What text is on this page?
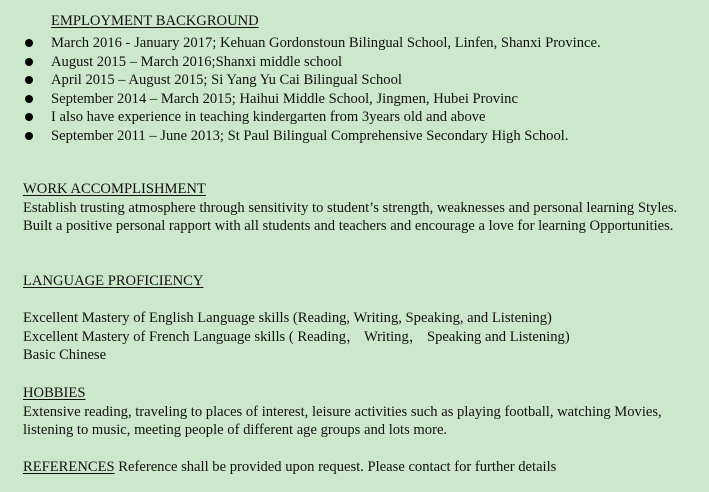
EMPLOYMENT BACKGROUND
March 2016 - January 2017; Kehuan Gordonstoun Bilingual School, Linfen, Shanxi Province.
August 2015 – March 2016;Shanxi middle school
April 2015 – August 2015; Si Yang Yu Cai Bilingual School
September 2014 – March 2015; Haihui Middle School, Jingmen, Hubei Provinc
I also have experience in teaching kindergarten from 3years old and above
September 2011 – June 2013; St Paul Bilingual Comprehensive Secondary High School.

WORK ACCOMPLISHMENT

Establish trusting atmosphere through sensitivity to student’s strength, weaknesses and personal learning Styles. Built a positive personal rapport with all students and teachers and encourage a love for learning Opportunities.

LANGUAGE PROFICIENCY

Excellent Mastery of English Language skills (Reading, Writing, Speaking, and Listening)

Excellent Mastery of French Language skills ( Reading， Writing， Speaking and Listening)

Basic Chinese

HOBBIES

Extensive reading, traveling to places of interest, leisure activities such as playing football, watching Movies, listening to music, meeting people of different age groups and lots more.

REFERENCES Reference shall be provided upon request. Please contact for further details
